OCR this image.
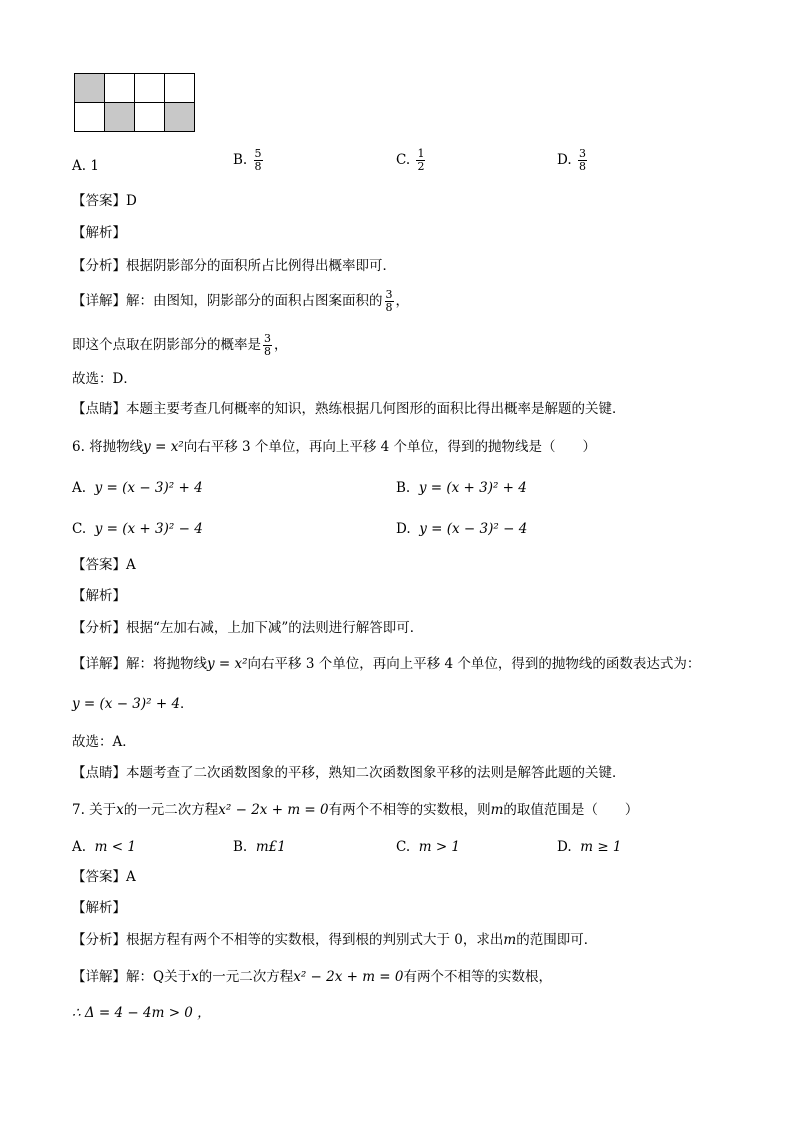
A. 1	B. $\frac{5}{8}$	C. $\frac{1}{2}$	D. $\frac{3}{8}$
【答案】D
【解析】
【分析】根据阴影部分的面积所占比例得出概率即可．
【详解】解：由图知，阴影部分的面积占图案面积的 $\frac{3}{8}$ ，
即这个点取在阴影部分的概率是 $\frac{3}{8}$ ，
故选：D．
【点睛】本题主要考查几何概率的知识，熟练根据几何图形的面积比得出概率是解题的关键．
6. 将抛物线y = x²向右平移 3 个单位，再向上平移 4 个单位，得到的抛物线是（　　）
A. y = (x − 3)² + 4	B. y = (x + 3)² + 4
C. y = (x + 3)² − 4	D. y = (x − 3)² − 4
【答案】A
【解析】
【分析】根据“左加右减，上加下减”的法则进行解答即可．
【详解】解：将抛物线y = x²向右平移 3 个单位，再向上平移 4 个单位，得到的抛物线的函数表达式为：
y = (x − 3)² + 4．
故选：A．
【点睛】本题考查了二次函数图象的平移，熟知二次函数图象平移的法则是解答此题的关键．
7. 关于x的一元二次方程x² − 2x + m = 0有两个不相等的实数根，则m的取值范围是（　　）
A. m < 1	B. m£1	C. m > 1	D. m ≥ 1
【答案】A
【解析】
【分析】根据方程有两个不相等的实数根，得到根的判别式大于 0，求出m的范围即可．
【详解】解：Q关于x的一元二次方程x² − 2x + m = 0有两个不相等的实数根，
∴ Δ = 4 − 4m > 0 ，
